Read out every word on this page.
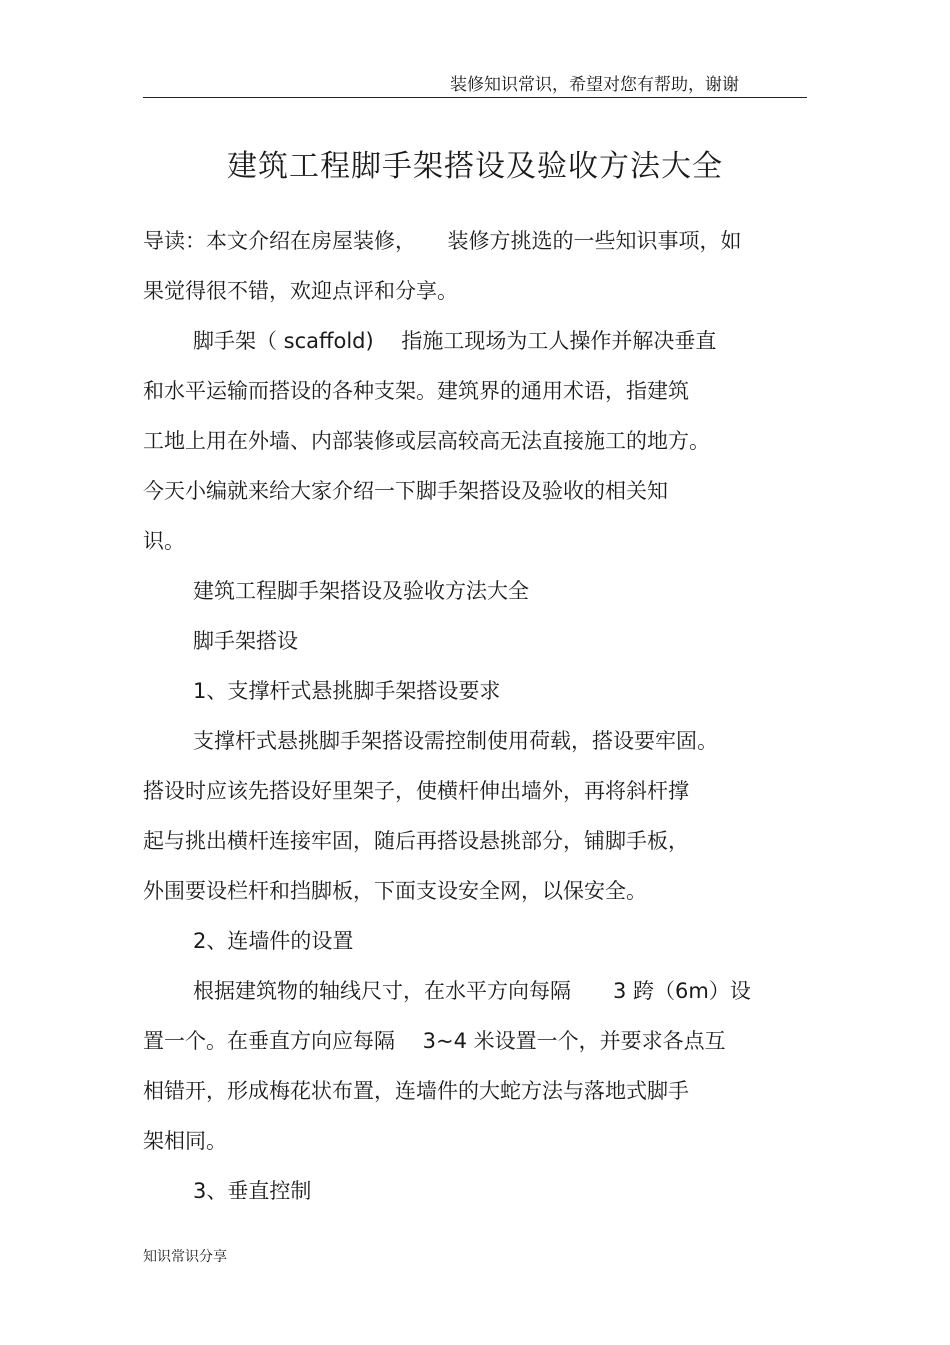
装修知识常识，希望对您有帮助，谢谢
建筑工程脚手架搭设及验收方法大全
导读：本文介绍在房屋装修，　　装修方挑选的一些知识事项，如
果觉得很不错，欢迎点评和分享。
脚手架（ scaffold)　 指施工现场为工人操作并解决垂直
和水平运输而搭设的各种支架。建筑界的通用术语，指建筑
工地上用在外墙、内部装修或层高较高无法直接施工的地方。
今天小编就来给大家介绍一下脚手架搭设及验收的相关知
识。
建筑工程脚手架搭设及验收方法大全
脚手架搭设
1、支撑杆式悬挑脚手架搭设要求
支撑杆式悬挑脚手架搭设需控制使用荷载，搭设要牢固。
搭设时应该先搭设好里架子，使横杆伸出墙外，再将斜杆撑
起与挑出横杆连接牢固，随后再搭设悬挑部分，铺脚手板，
外围要设栏杆和挡脚板，下面支设安全网，以保安全。
2、连墙件的设置
根据建筑物的轴线尺寸，在水平方向每隔　　3 跨（6m）设
置一个。在垂直方向应每隔　 3~4 米设置一个，并要求各点互
相错开，形成梅花状布置，连墙件的大蛇方法与落地式脚手
架相同。
3、垂直控制
知识常识分享
